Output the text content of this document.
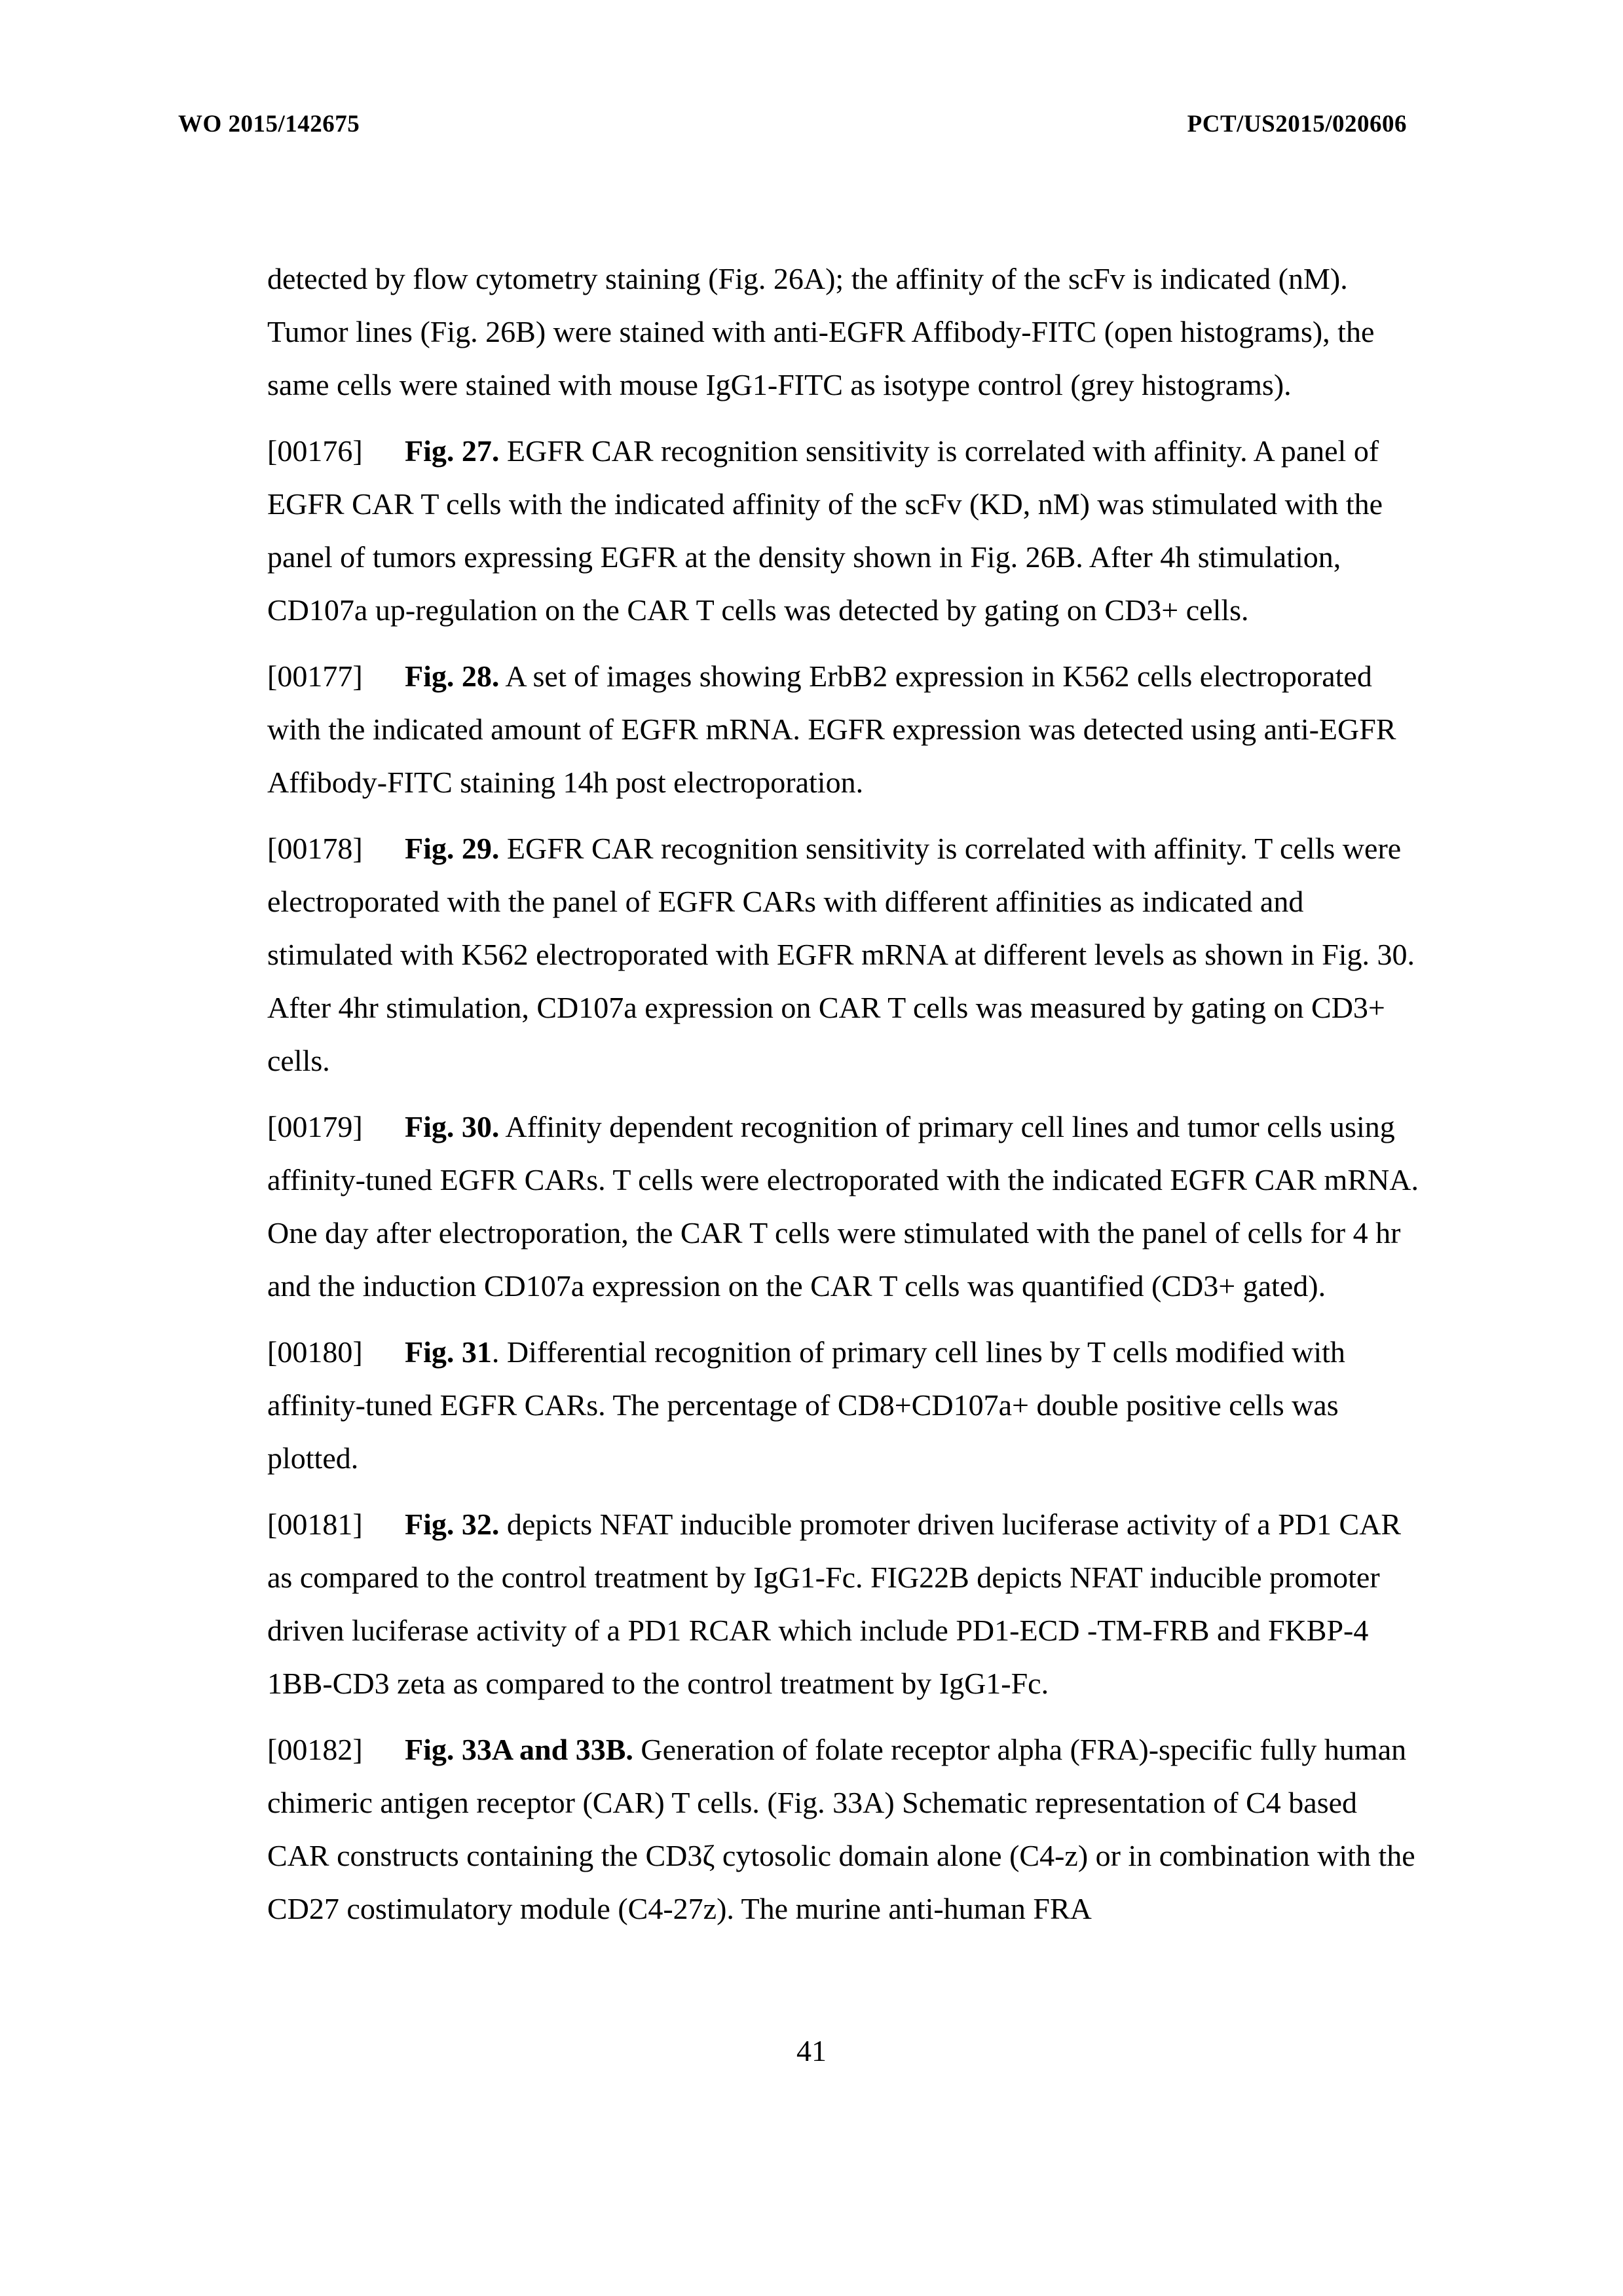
WO 2015/142675	PCT/US2015/020606

detected by flow cytometry staining (Fig. 26A); the affinity of the scFv is indicated (nM). Tumor lines (Fig. 26B) were stained with anti-EGFR Affibody-FITC (open histograms), the same cells were stained with mouse IgG1-FITC as isotype control (grey histograms).

[00176] Fig. 27. EGFR CAR recognition sensitivity is correlated with affinity. A panel of EGFR CAR T cells with the indicated affinity of the scFv (KD, nM) was stimulated with the panel of tumors expressing EGFR at the density shown in Fig. 26B. After 4h stimulation, CD107a up-regulation on the CAR T cells was detected by gating on CD3+ cells.

[00177] Fig. 28. A set of images showing ErbB2 expression in K562 cells electroporated with the indicated amount of EGFR mRNA. EGFR expression was detected using anti-EGFR Affibody-FITC staining 14h post electroporation.

[00178] Fig. 29. EGFR CAR recognition sensitivity is correlated with affinity. T cells were electroporated with the panel of EGFR CARs with different affinities as indicated and stimulated with K562 electroporated with EGFR mRNA at different levels as shown in Fig. 30. After 4hr stimulation, CD107a expression on CAR T cells was measured by gating on CD3+ cells.

[00179] Fig. 30. Affinity dependent recognition of primary cell lines and tumor cells using affinity-tuned EGFR CARs. T cells were electroporated with the indicated EGFR CAR mRNA. One day after electroporation, the CAR T cells were stimulated with the panel of cells for 4 hr and the induction CD107a expression on the CAR T cells was quantified (CD3+ gated).

[00180] Fig. 31. Differential recognition of primary cell lines by T cells modified with affinity-tuned EGFR CARs. The percentage of CD8+CD107a+ double positive cells was plotted.

[00181] Fig. 32. depicts NFAT inducible promoter driven luciferase activity of a PD1 CAR as compared to the control treatment by IgG1-Fc. FIG22B depicts NFAT inducible promoter driven luciferase activity of a PD1 RCAR which include PD1-ECD -TM-FRB and FKBP-4 1BB-CD3 zeta as compared to the control treatment by IgG1-Fc.

[00182] Fig. 33A and 33B. Generation of folate receptor alpha (FRA)-specific fully human chimeric antigen receptor (CAR) T cells. (Fig. 33A) Schematic representation of C4 based CAR constructs containing the CD3ζ cytosolic domain alone (C4-z) or in combination with the CD27 costimulatory module (C4-27z). The murine anti-human FRA

41
